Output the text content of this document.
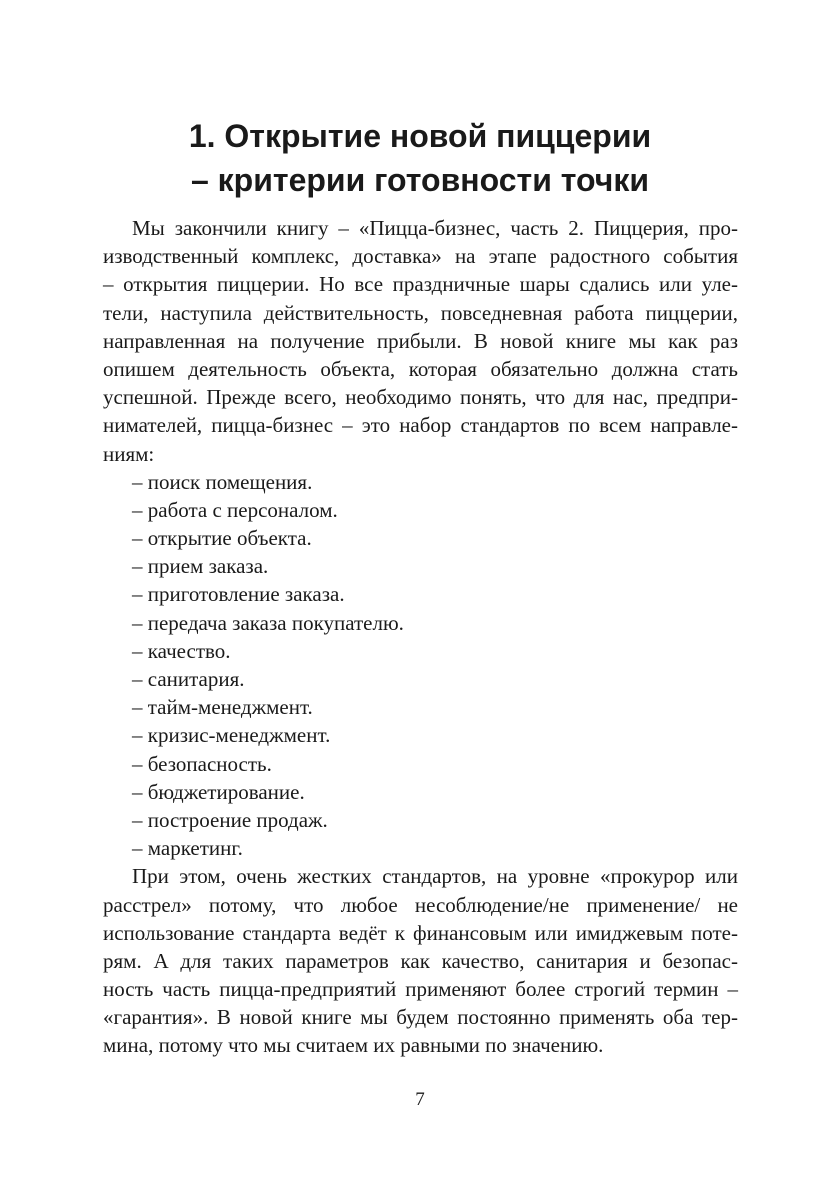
1. Открытие новой пиццерии
– критерии готовности точки
Мы закончили книгу – «Пицца-бизнес, часть 2. Пиццерия, про-
изводственный комплекс, доставка» на этапе радостного события
– открытия пиццерии. Но все праздничные шары сдались или уле-
тели, наступила действительность, повседневная работа пиццерии,
направленная на получение прибыли. В новой книге мы как раз
опишем деятельность объекта, которая обязательно должна стать
успешной. Прежде всего, необходимо понять, что для нас, предпри-
нимателей, пицца-бизнес – это набор стандартов по всем направле-
ниям:
– поиск помещения.
– работа с персоналом.
– открытие объекта.
– прием заказа.
– приготовление заказа.
– передача заказа покупателю.
– качество.
– санитария.
– тайм-менеджмент.
– кризис-менеджмент.
– безопасность.
– бюджетирование.
– построение продаж.
– маркетинг.
При этом, очень жестких стандартов, на уровне «прокурор или
расстрел» потому, что любое несоблюдение/не применение/ не
использование стандарта ведёт к финансовым или имиджевым поте-
рям. А для таких параметров как качество, санитария и безопас-
ность часть пицца-предприятий применяют более строгий термин –
«гарантия». В новой книге мы будем постоянно применять оба тер-
мина, потому что мы считаем их равными по значению.
7
